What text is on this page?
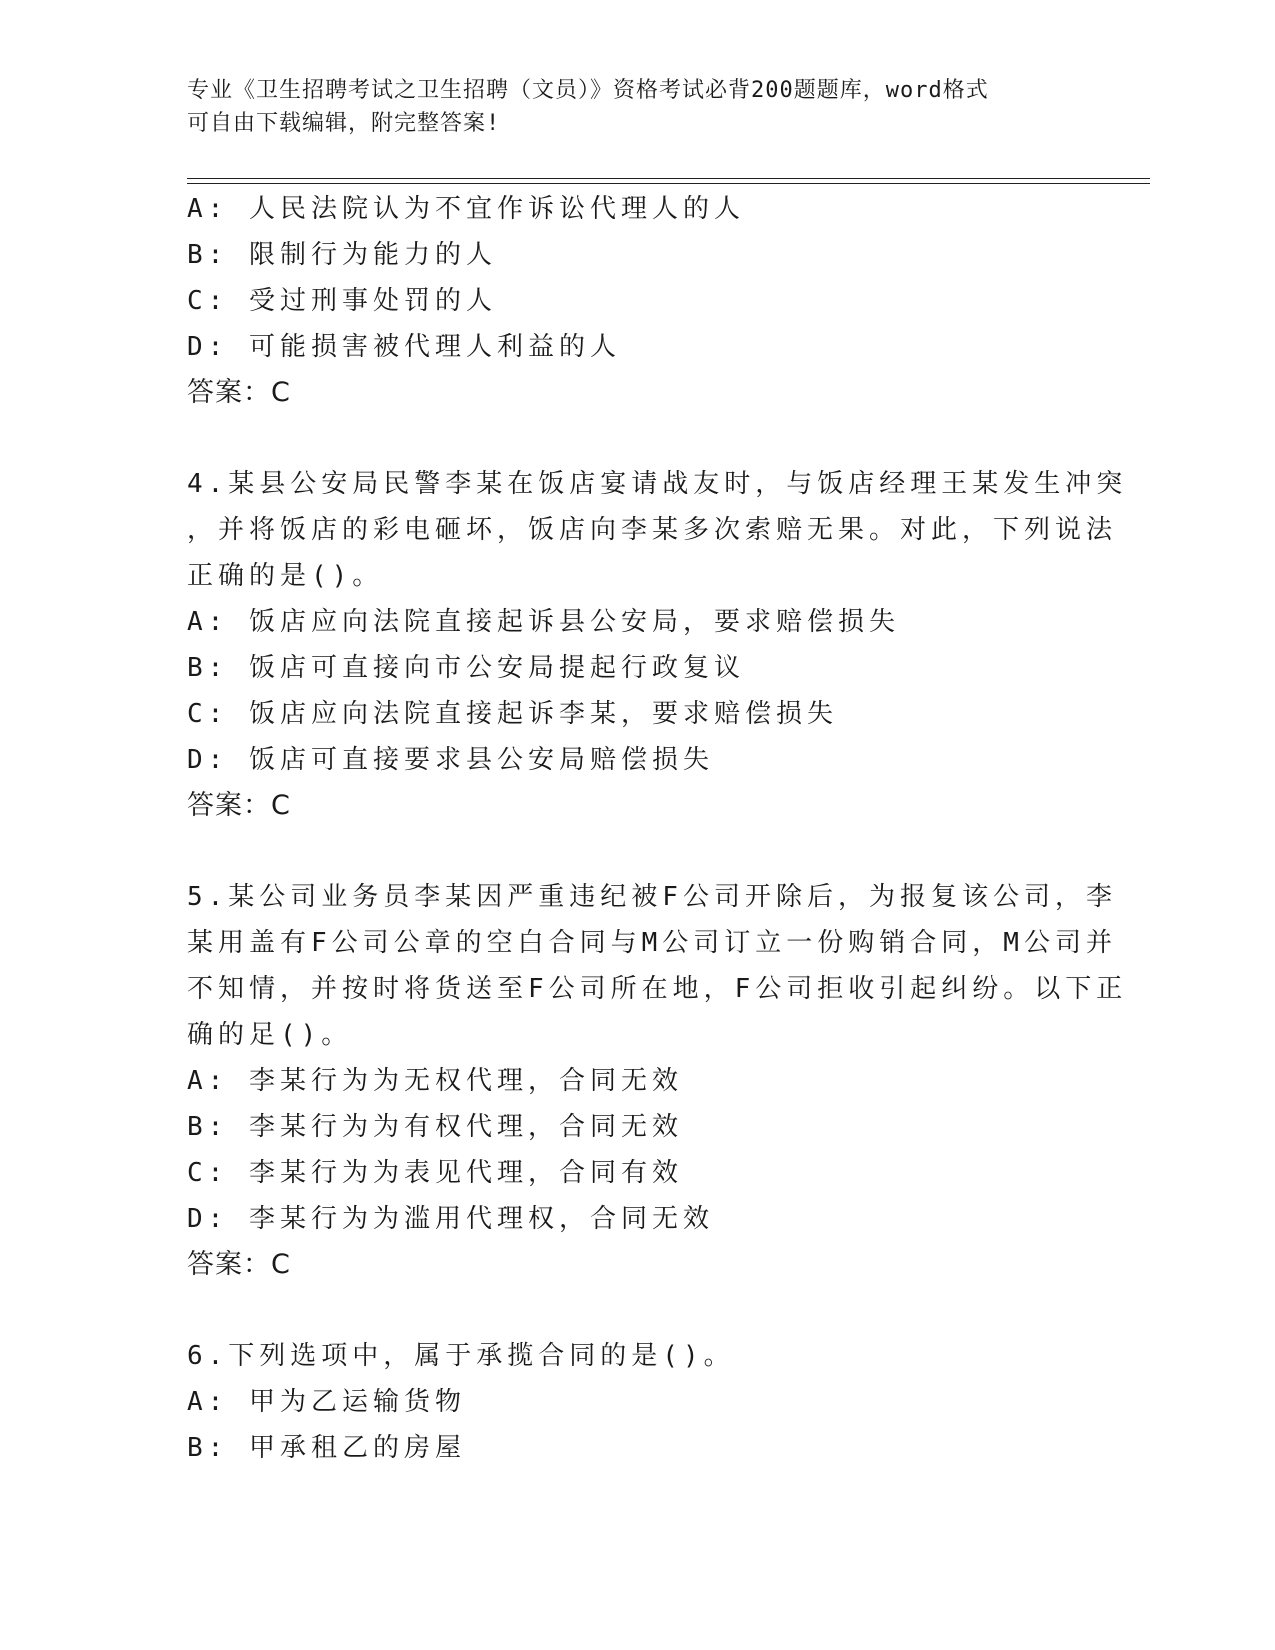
专业《卫生招聘考试之卫生招聘（文员）》资格考试必背200题题库，word格式
可自由下载编辑，附完整答案!
A: 人民法院认为不宜作诉讼代理人的人
B: 限制行为能力的人
C: 受过刑事处罚的人
D: 可能损害被代理人利益的人
答案：C
4.某县公安局民警李某在饭店宴请战友时，与饭店经理王某发生冲突
，并将饭店的彩电砸坏，饭店向李某多次索赔无果。对此，下列说法
正确的是()。
A: 饭店应向法院直接起诉县公安局，要求赔偿损失
B: 饭店可直接向市公安局提起行政复议
C: 饭店应向法院直接起诉李某，要求赔偿损失
D: 饭店可直接要求县公安局赔偿损失
答案：C
5.某公司业务员李某因严重违纪被F公司开除后，为报复该公司，李
某用盖有F公司公章的空白合同与M公司订立一份购销合同，M公司并
不知情，并按时将货送至F公司所在地，F公司拒收引起纠纷。以下正
确的足()。
A: 李某行为为无权代理，合同无效
B: 李某行为为有权代理，合同无效
C: 李某行为为表见代理，合同有效
D: 李某行为为滥用代理权，合同无效
答案：C
6.下列选项中，属于承揽合同的是()。
A: 甲为乙运输货物
B: 甲承租乙的房屋
